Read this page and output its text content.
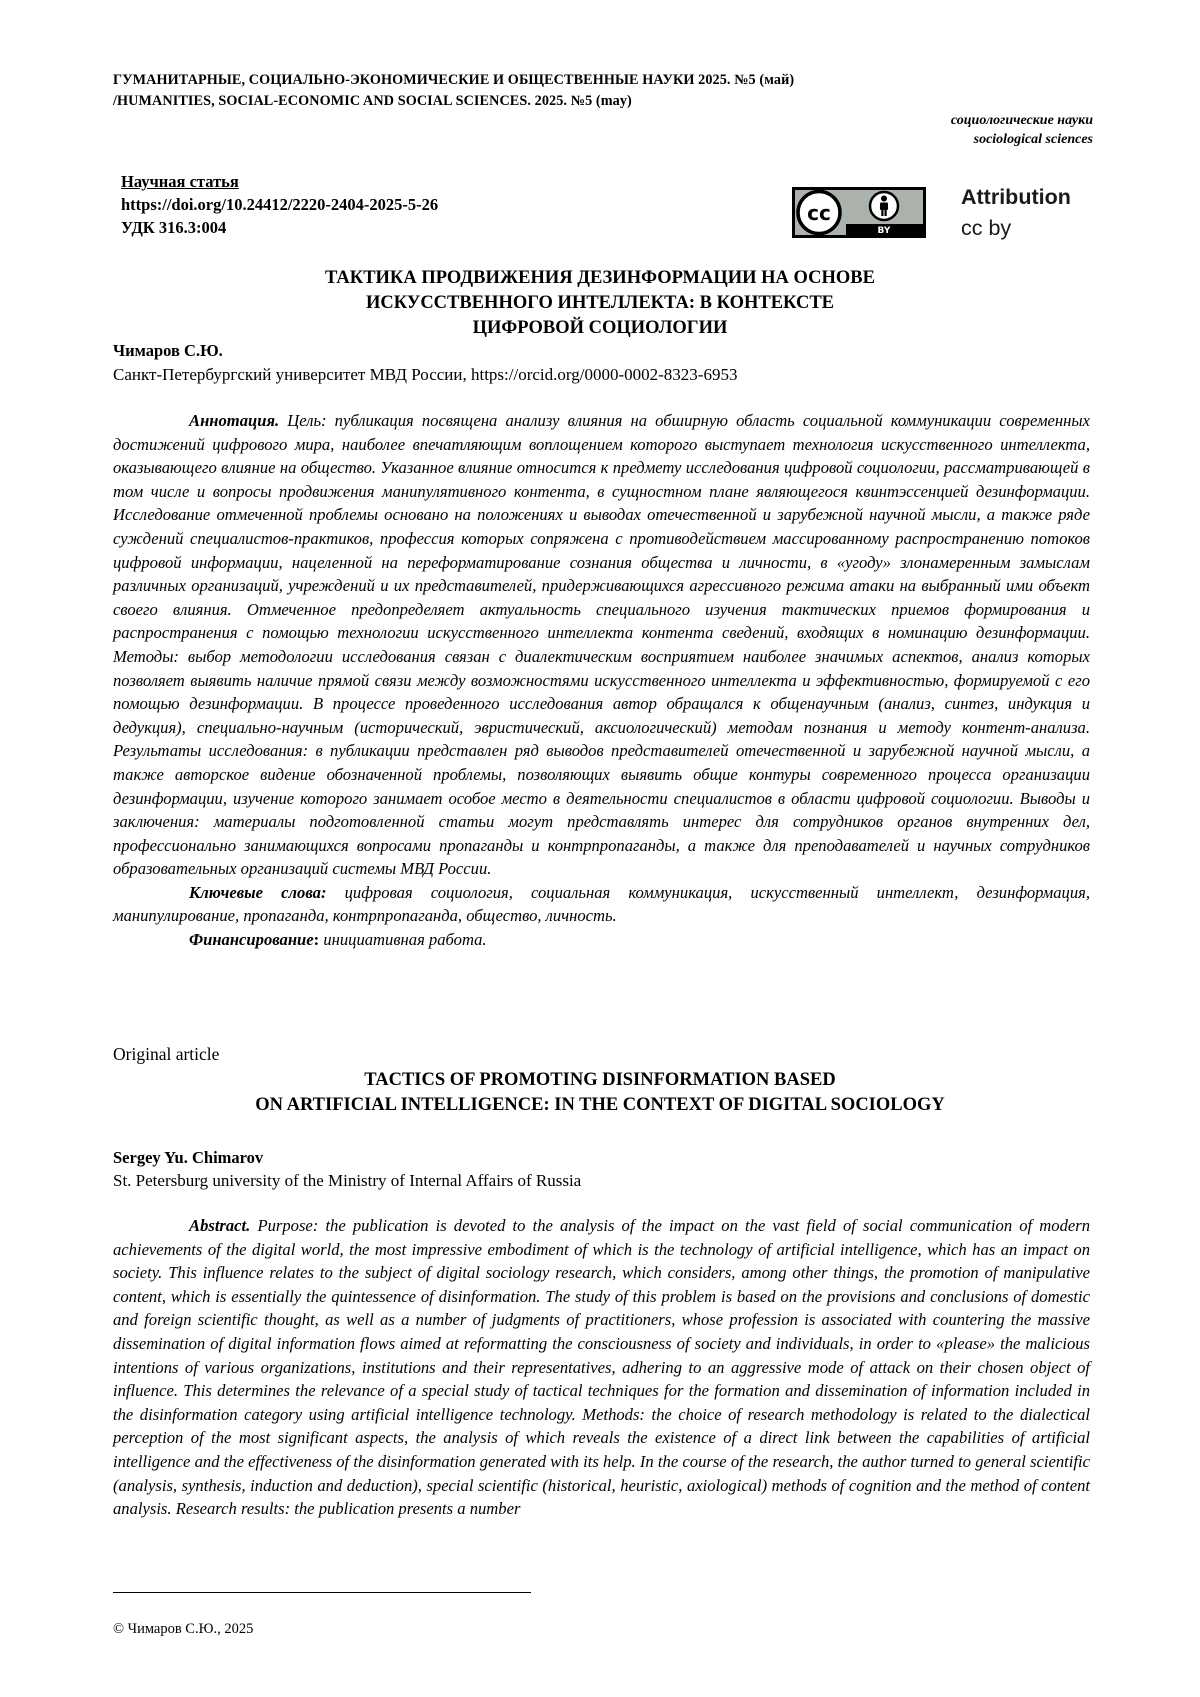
ГУМАНИТАРНЫЕ, СОЦИАЛЬНО-ЭКОНОМИЧЕСКИЕ И ОБЩЕСТВЕННЫЕ НАУКИ 2025. №5 (май)
/HUMANITIES, SOCIAL-ECONOMIC AND SOCIAL SCIENCES. 2025. №5 (may)
социологические науки
sociological sciences
Научная статья
https://doi.org/10.24412/2220-2404-2025-5-26
УДК 316.3:004
cc
BY
Attribution
cc by
ТАКТИКА ПРОДВИЖЕНИЯ ДЕЗИНФОРМАЦИИ НА ОСНОВЕ
ИСКУССТВЕННОГО ИНТЕЛЛЕКТА: В КОНТЕКСТЕ
ЦИФРОВОЙ СОЦИОЛОГИИ
Чимаров С.Ю.
Санкт-Петербургский университет МВД России, https://orcid.org/0000-0002-8323-6953

Аннотация. Цель: публикация посвящена анализу влияния на обширную область социальной коммуникации современных достижений цифрового мира, наиболее впечатляющим воплощением которого выступает технология искусственного интеллекта, оказывающего влияние на общество. Указанное влияние относится к предмету исследования цифровой социологии, рассматривающей в том числе и вопросы продвижения манипулятивного контента, в сущностном плане являющегося квинтэссенцией дезинформации. Исследование отмеченной проблемы основано на положениях и выводах отечественной и зарубежной научной мысли, а также ряде суждений специалистов-практиков, профессия которых сопряжена с противодействием массированному распространению потоков цифровой информации, нацеленной на переформатирование сознания общества и личности, в «угоду» злонамеренным замыслам различных организаций, учреждений и их представителей, придерживающихся агрессивного режима атаки на выбранный ими объект своего влияния. Отмеченное предопределяет актуальность специального изучения тактических приемов формирования и распространения с помощью технологии искусственного интеллекта контента сведений, входящих в номинацию дезинформации. Методы: выбор методологии исследования связан с диалектическим восприятием наиболее значимых аспектов, анализ которых позволяет выявить наличие прямой связи между возможностями искусственного интеллекта и эффективностью, формируемой с его помощью дезинформации. В процессе проведенного исследования автор обращался к общенаучным (анализ, синтез, индукция и дедукция), специально-научным (исторический, эвристический, аксиологический) методам познания и методу контент-анализа. Результаты исследования: в публикации представлен ряд выводов представителей отечественной и зарубежной научной мысли, а также авторское видение обозначенной проблемы, позволяющих выявить общие контуры современного процесса организации дезинформации, изучение которого занимает особое место в деятельности специалистов в области цифровой социологии. Выводы и заключения: материалы подготовленной статьи могут представлять интерес для сотрудников органов внутренних дел, профессионально занимающихся вопросами пропаганды и контрпропаганды, а также для преподавателей и научных сотрудников образовательных организаций системы МВД России.

Ключевые слова: цифровая социология, социальная коммуникация, искусственный интеллект, дезинформация, манипулирование, пропаганда, контрпропаганда, общество, личность.

Финансирование: инициативная работа.

Original article
TACTICS OF PROMOTING DISINFORMATION BASED
ON ARTIFICIAL INTELLIGENCE: IN THE CONTEXT OF DIGITAL SOCIOLOGY
Sergey Yu. Chimarov
St. Petersburg university of the Ministry of Internal Affairs of Russia

Abstract. Purpose: the publication is devoted to the analysis of the impact on the vast field of social communication of modern achievements of the digital world, the most impressive embodiment of which is the technology of artificial intelligence, which has an impact on society. This influence relates to the subject of digital sociology research, which considers, among other things, the promotion of manipulative content, which is essentially the quintessence of disinformation. The study of this problem is based on the provisions and conclusions of domestic and foreign scientific thought, as well as a number of judgments of practitioners, whose profession is associated with countering the massive dissemination of digital information flows aimed at reformatting the consciousness of society and individuals, in order to «please» the malicious intentions of various organizations, institutions and their representatives, adhering to an aggressive mode of attack on their chosen object of influence. This determines the relevance of a special study of tactical techniques for the formation and dissemination of information included in the disinformation category using artificial intelligence technology. Methods: the choice of research methodology is related to the dialectical perception of the most significant aspects, the analysis of which reveals the existence of a direct link between the capabilities of artificial intelligence and the effectiveness of the disinformation generated with its help. In the course of the research, the author turned to general scientific (analysis, synthesis, induction and deduction), special scientific (historical, heuristic, axiological) methods of cognition and the method of content analysis. Research results: the publication presents a number

© Чимаров С.Ю., 2025
